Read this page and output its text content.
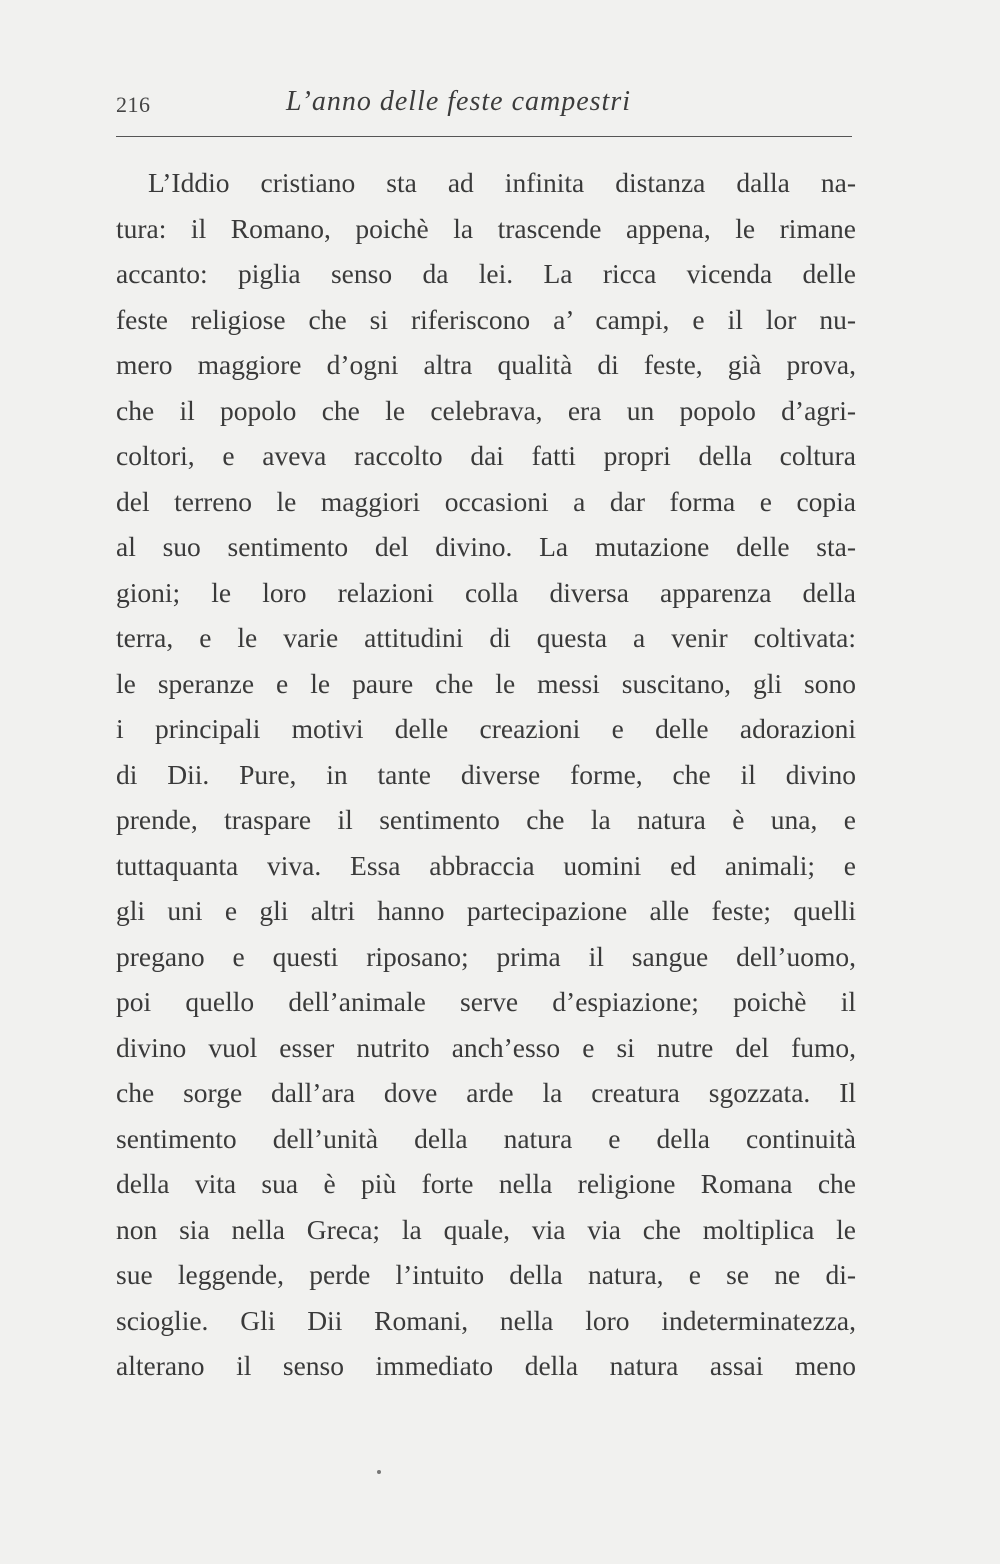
216	L’anno delle feste campestri
L’Iddio cristiano sta ad infinita distanza dalla na-
tura: il Romano, poichè la trascende appena, le rimane
accanto: piglia senso da lei. La ricca vicenda delle
feste religiose che si riferiscono a’ campi, e il lor nu-
mero maggiore d’ogni altra qualità di feste, già prova,
che il popolo che le celebrava, era un popolo d’agri-
coltori, e aveva raccolto dai fatti propri della coltura
del terreno le maggiori occasioni a dar forma e copia
al suo sentimento del divino. La mutazione delle sta-
gioni; le loro relazioni colla diversa apparenza della
terra, e le varie attitudini di questa a venir coltivata:
le speranze e le paure che le messi suscitano, gli sono
i principali motivi delle creazioni e delle adorazioni
di Dii. Pure, in tante diverse forme, che il divino
prende, traspare il sentimento che la natura è una, e
tuttaquanta viva. Essa abbraccia uomini ed animali; e
gli uni e gli altri hanno partecipazione alle feste; quelli
pregano e questi riposano; prima il sangue dell’uomo,
poi quello dell’animale serve d’espiazione; poichè il
divino vuol esser nutrito anch’esso e si nutre del fumo,
che sorge dall’ara dove arde la creatura sgozzata. Il
sentimento dell’unità della natura e della continuità
della vita sua è più forte nella religione Romana che
non sia nella Greca; la quale, via via che moltiplica le
sue leggende, perde l’intuito della natura, e se ne di-
scioglie. Gli Dii Romani, nella loro indeterminatezza,
alterano il senso immediato della natura assai meno
